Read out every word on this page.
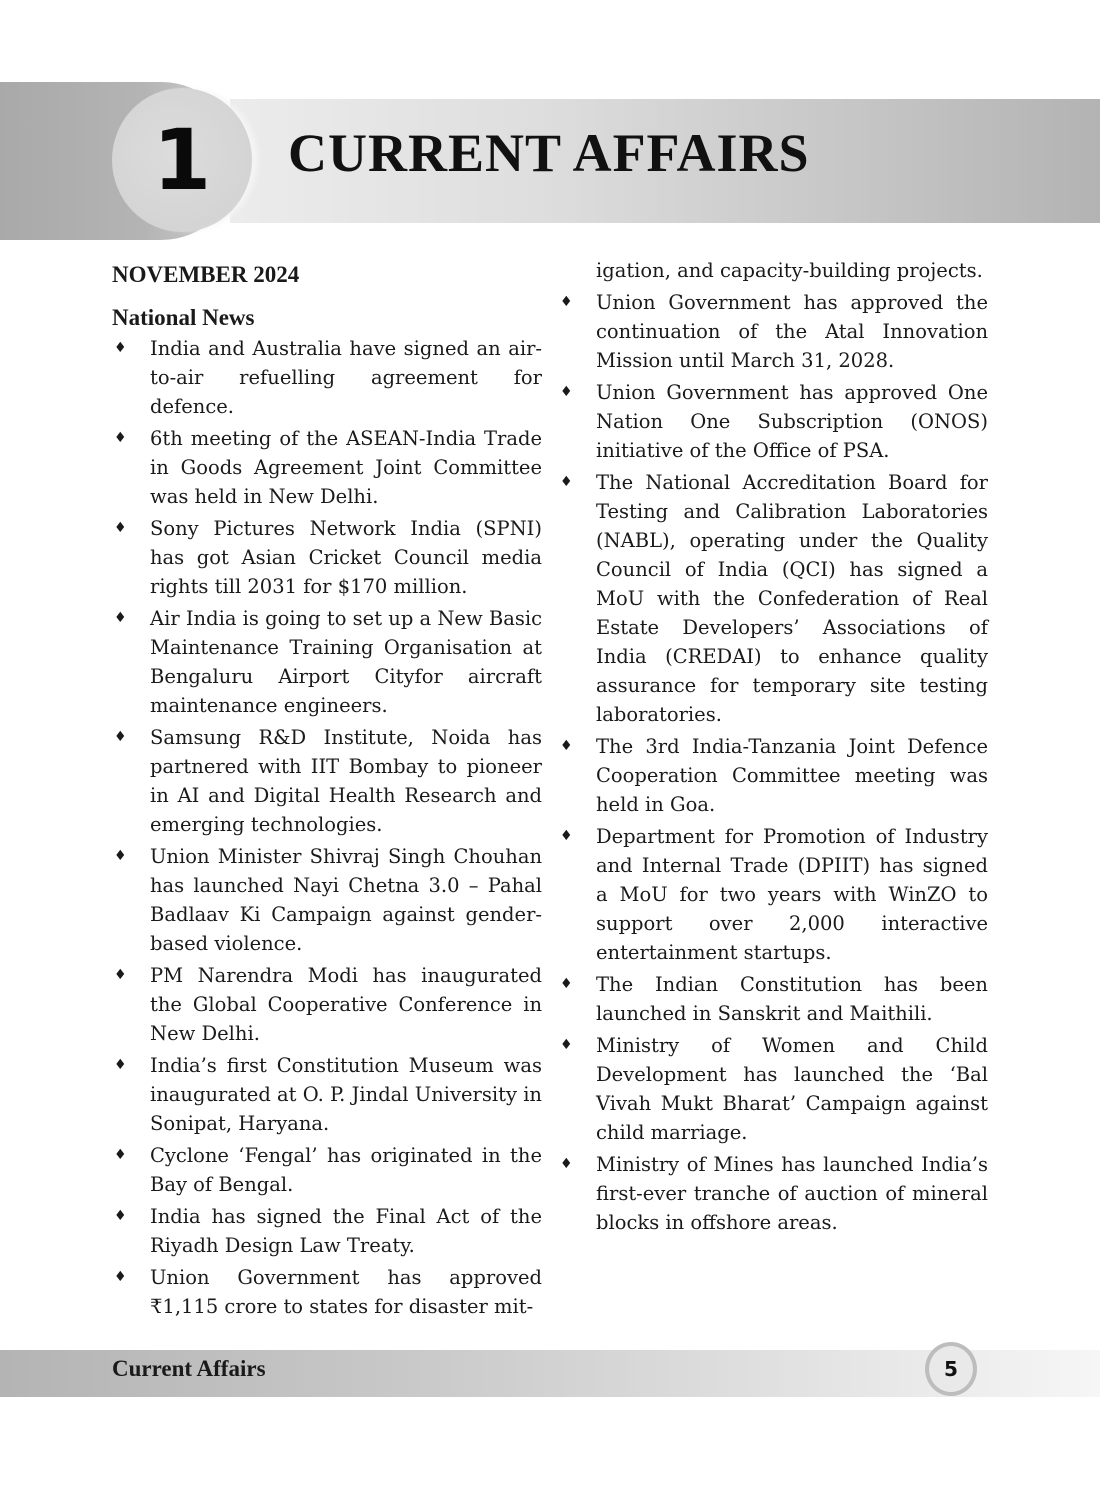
1	CURRENT AFFAIRS
NOVEMBER 2024
National News
♦ India and Australia have signed an air-to-air refuelling agreement for defence.
♦ 6th meeting of the ASEAN-India Trade in Goods Agreement Joint Committee was held in New Delhi.
♦ Sony Pictures Network India (SPNI) has got Asian Cricket Council media rights till 2031 for $170 million.
♦ Air India is going to set up a New Basic Maintenance Training Organisation at Bengaluru Airport Cityfor aircraft maintenance engineers.
♦ Samsung R&D Institute, Noida has partnered with IIT Bombay to pioneer in AI and Digital Health Research and emerging technologies.
♦ Union Minister Shivraj Singh Chouhan has launched Nayi Chetna 3.0 – Pahal Badlaav Ki Campaign against gender-based violence.
♦ PM Narendra Modi has inaugurated the Global Cooperative Conference in New Delhi.
♦ India’s first Constitution Museum was inaugurated at O. P. Jindal University in Sonipat, Haryana.
♦ Cyclone ‘Fengal’ has originated in the Bay of Bengal.
♦ India has signed the Final Act of the Riyadh Design Law Treaty.
♦ Union Government has approved ₹1,115 crore to states for disaster mit-
igation, and capacity-building projects.
♦ Union Government has approved the continuation of the Atal Innovation Mission until March 31, 2028.
♦ Union Government has approved One Nation One Subscription (ONOS) initiative of the Office of PSA.
♦ The National Accreditation Board for Testing and Calibration Laboratories (NABL), operating under the Quality Council of India (QCI) has signed a MoU with the Confederation of Real Estate Developers’ Associations of India (CREDAI) to enhance quality assurance for temporary site testing laboratories.
♦ The 3rd India-Tanzania Joint Defence Cooperation Committee meeting was held in Goa.
♦ Department for Promotion of Industry and Internal Trade (DPIIT) has signed a MoU for two years with WinZO to support over 2,000 interactive entertainment startups.
♦ The Indian Constitution has been launched in Sanskrit and Maithili.
♦ Ministry of Women and Child Development has launched the ‘Bal Vivah Mukt Bharat’ Campaign against child marriage.
♦ Ministry of Mines has launched India’s first-ever tranche of auction of mineral blocks in offshore areas.
Current Affairs	5
